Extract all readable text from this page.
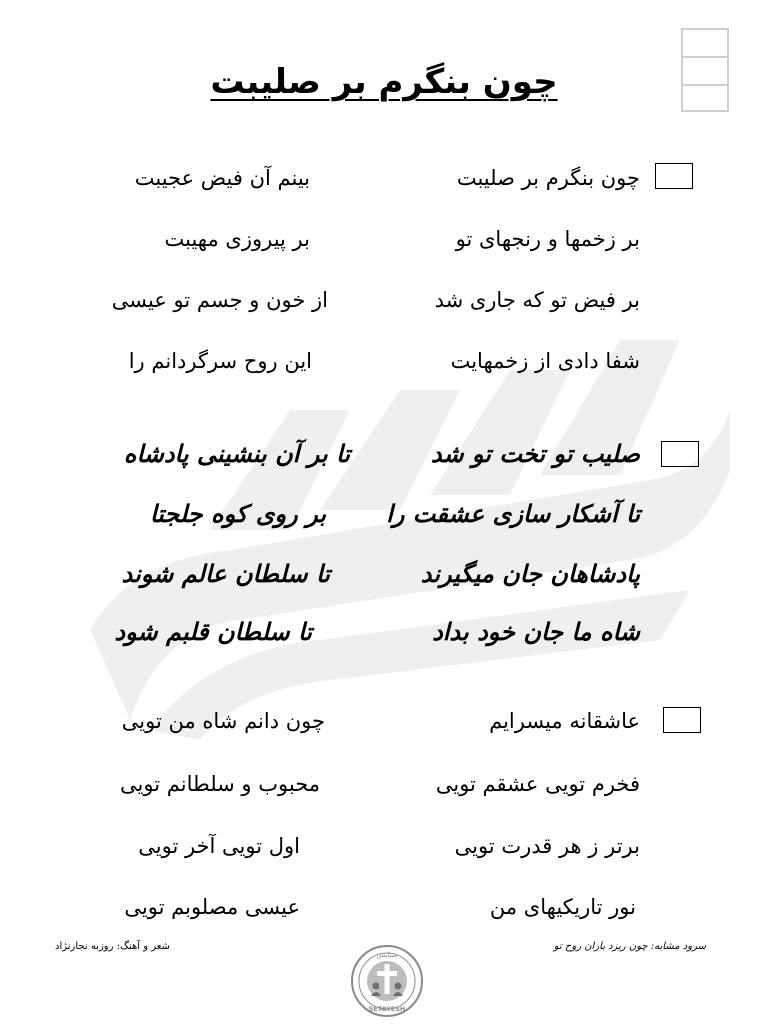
چون بنگرم بر صلیبت
چون بنگرم بر صلیبت
بینم آن فیض عجیبت
بر زخمها و رنجهای تو
بر پیروزی مهیبت
بر فیض تو که جاری شد
از خون و جسم تو عیسی
شفا دادی از زخمهایت
این روح سرگردانم را
صلیب تو تخت تو شد
تا بر آن بنشینی پادشاه
تا آشکار سازی عشقت را
بر روی کوه جلجتا
پادشاهان جان میگیرند
تا سلطان عالم شوند
شاه ما جان خود بداد
تا سلطان قلبم شود
عاشقانه میسرایم
چون دانم شاه من تویی
فخرم تویی عشقم تویی
محبوب و سلطانم تویی
برتر ز هر قدرت تویی
اول تویی آخر تویی
نور تاریکیهای من
عیسی مصلوبم تویی
شعر و آهنگ: روزبه نجارنژاد	سرود مشابه: چون ریزد باران روح تو
ستایش
SETAYESH
